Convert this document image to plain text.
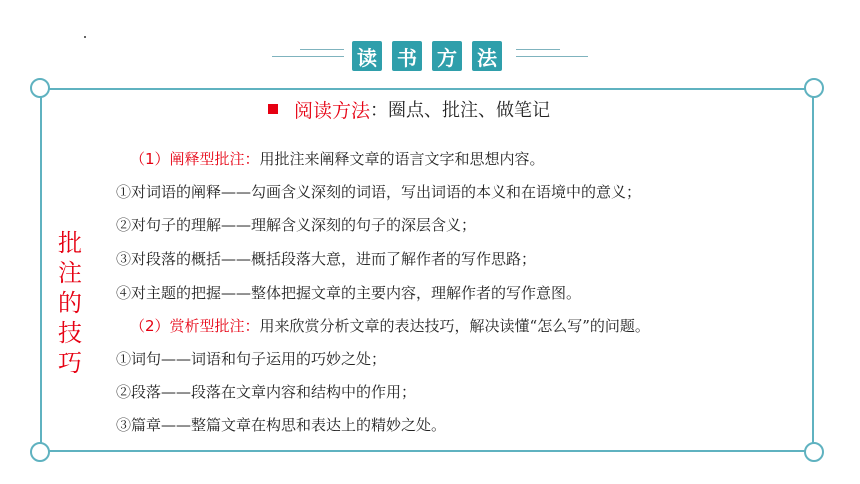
读 书 方 法
阅读方法 ：圈点、批注、做笔记
批
注
的
技
巧
（1）阐释型批注：用批注来阐释文章的语言文字和思想内容。
①对词语的阐释——勾画含义深刻的词语，写出词语的本义和在语境中的意义；
②对句子的理解——理解含义深刻的句子的深层含义；
③对段落的概括——概括段落大意，进而了解作者的写作思路；
④对主题的把握——整体把握文章的主要内容，理解作者的写作意图。
（2）赏析型批注：用来欣赏分析文章的表达技巧，解决读懂“怎么写”的问题。
①词句——词语和句子运用的巧妙之处；
②段落——段落在文章内容和结构中的作用；
③篇章——整篇文章在构思和表达上的精妙之处。
